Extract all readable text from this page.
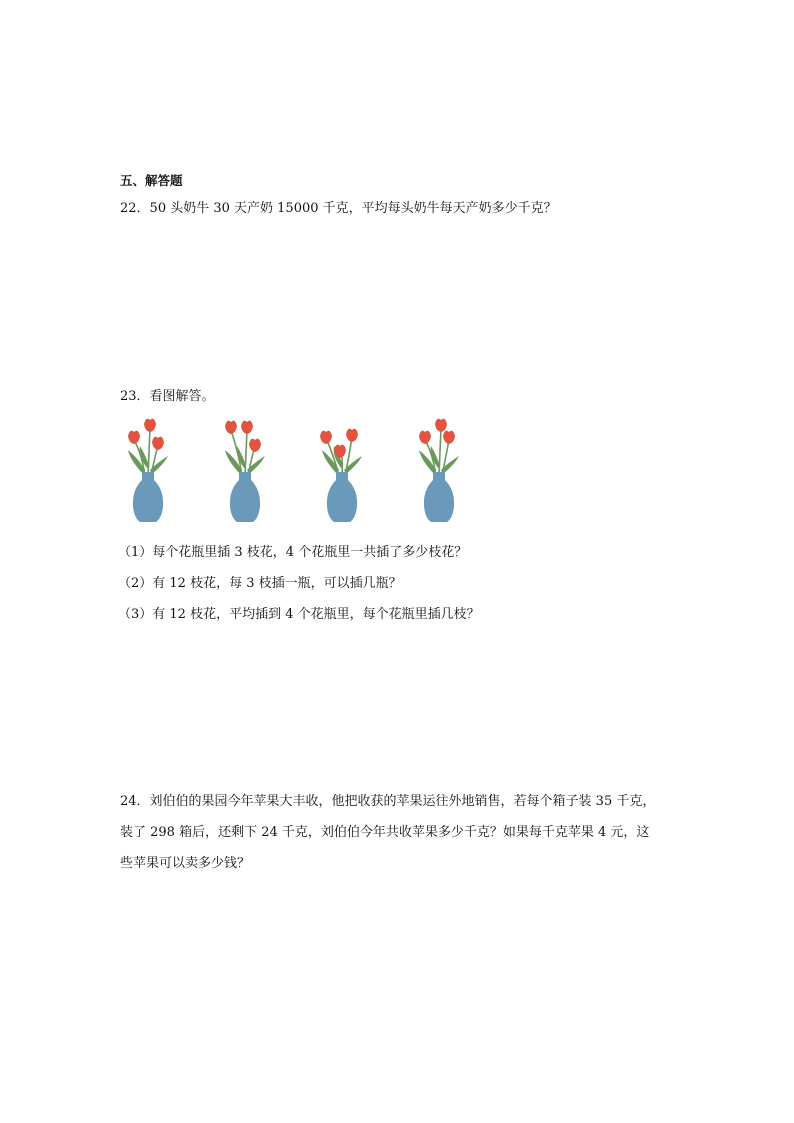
五、解答题
22．50 头奶牛 30 天产奶 15000 千克，平均每头奶牛每天产奶多少千克？
23．看图解答。
（1）每个花瓶里插 3 枝花，4 个花瓶里一共插了多少枝花？
（2）有 12 枝花，每 3 枝插一瓶，可以插几瓶？
（3）有 12 枝花，平均插到 4 个花瓶里，每个花瓶里插几枝？
24．刘伯伯的果园今年苹果大丰收，他把收获的苹果运往外地销售，若每个箱子装 35 千克，
装了 298 箱后，还剩下 24 千克，刘伯伯今年共收苹果多少千克？如果每千克苹果 4 元，这
些苹果可以卖多少钱？
